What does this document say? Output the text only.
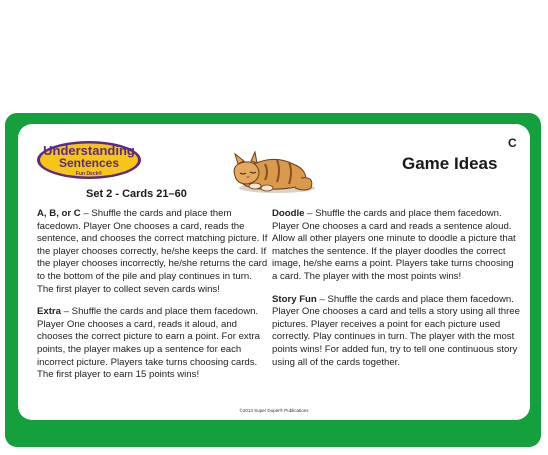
Understanding
Sentences
Fun Deck®
C
Game Ideas
Set 2 - Cards 21–60

A, B, or C – Shuffle the cards and place them facedown. Player One chooses a card, reads the sentence, and chooses the correct matching picture. If the player chooses correctly, he/she keeps the card. If the player chooses incorrectly, he/she returns the card to the bottom of the pile and play continues in turn. The first player to collect seven cards wins!

Extra – Shuffle the cards and place them facedown. Player One chooses a card, reads it aloud, and chooses the correct picture to earn a point. For extra points, the player makes up a sentence for each incorrect picture. Players take turns choosing cards. The first player to earn 15 points wins!

Doodle – Shuffle the cards and place them facedown. Player One chooses a card and reads a sentence aloud. Allow all other players one minute to doodle a picture that matches the sentence. If the player doodles the correct image, he/she earns a point. Players take turns choosing a card. The player with the most points wins!

Story Fun – Shuffle the cards and place them facedown. Player One chooses a card and tells a story using all three pictures. Player receives a point for each picture used correctly. Play continues in turn. The player with the most points wins! For added fun, try to tell one continuous story using all of the cards together.

©2013 Super Duper® Publications
